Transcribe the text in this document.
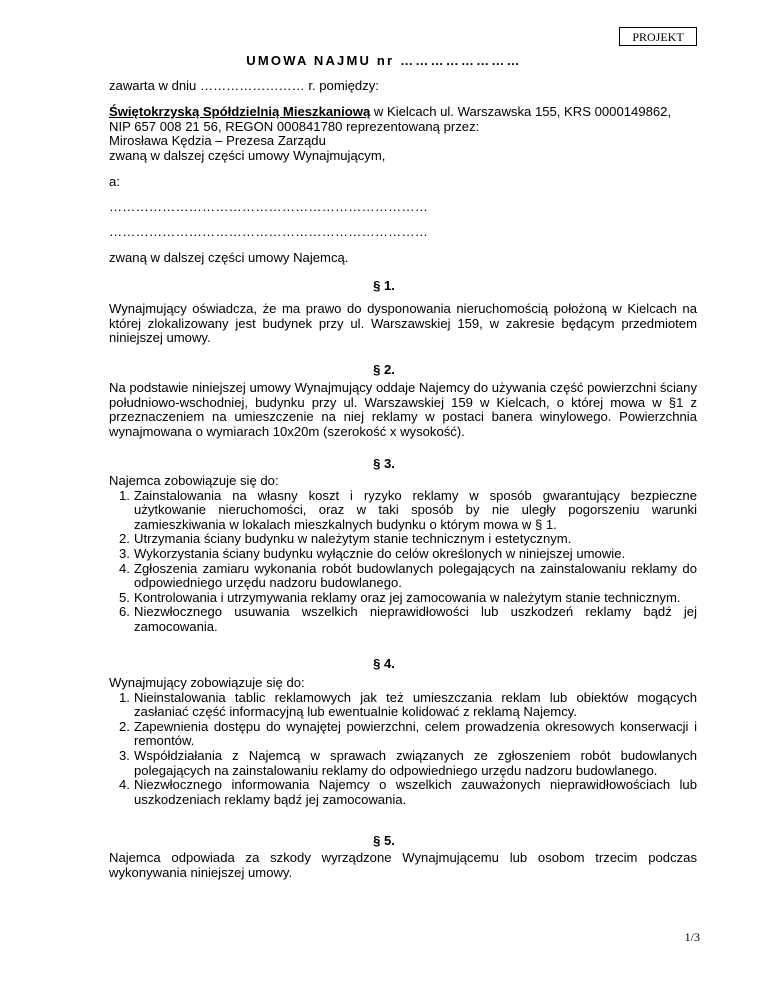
PROJEKT
UMOWA NAJMU nr ……………………
zawarta w dniu …………………… r. pomiędzy:
Świętokrzyską Spółdzielnią Mieszkaniową w Kielcach ul. Warszawska 155, KRS 0000149862,
NIP 657 008 21 56, REGON 000841780 reprezentowaną przez:
Mirosława Kędzia – Prezesa Zarządu
zwaną w dalszej części umowy Wynajmującym,
a:
………………………………………………………………
………………………………………………………………
zwaną w dalszej części umowy Najemcą.
§ 1.
Wynajmujący oświadcza, że ma prawo do dysponowania nieruchomością położoną w Kielcach na której zlokalizowany jest budynek przy ul. Warszawskiej 159, w zakresie będącym przedmiotem niniejszej umowy.
§ 2.
Na podstawie niniejszej umowy Wynajmujący oddaje Najemcy do używania część powierzchni ściany południowo-wschodniej, budynku przy ul. Warszawskiej 159 w Kielcach, o której mowa w §1 z przeznaczeniem na umieszczenie na niej reklamy w postaci banera winylowego. Powierzchnia wynajmowana o wymiarach 10x20m (szerokość x wysokość).
§ 3.
Najemca zobowiązuje się do:
1. Zainstalowania na własny koszt i ryzyko reklamy w sposób gwarantujący bezpieczne użytkowanie nieruchomości, oraz w taki sposób by nie uległy pogorszeniu warunki zamieszkiwania w lokalach mieszkalnych budynku o którym mowa w § 1.
2. Utrzymania ściany budynku w należytym stanie technicznym i estetycznym.
3. Wykorzystania ściany budynku wyłącznie do celów określonych w niniejszej umowie.
4. Zgłoszenia zamiaru wykonania robót budowlanych polegających na zainstalowaniu reklamy do odpowiedniego urzędu nadzoru budowlanego.
5. Kontrolowania i utrzymywania reklamy oraz jej zamocowania w należytym stanie technicznym.
6. Niezwłocznego usuwania wszelkich nieprawidłowości lub uszkodzeń reklamy bądź jej zamocowania.
§ 4.
Wynajmujący zobowiązuje się do:
1. Nieinstalowania tablic reklamowych jak też umieszczania reklam lub obiektów mogących zasłaniać część informacyjną lub ewentualnie kolidować z reklamą Najemcy.
2. Zapewnienia dostępu do wynajętej powierzchni, celem prowadzenia okresowych konserwacji i remontów.
3. Współdziałania z Najemcą w sprawach związanych ze zgłoszeniem robót budowlanych polegających na zainstalowaniu reklamy do odpowiedniego urzędu nadzoru budowlanego.
4. Niezwłocznego informowania Najemcy o wszelkich zauważonych nieprawidłowościach lub uszkodzeniach reklamy bądź jej zamocowania.
§ 5.
Najemca odpowiada za szkody wyrządzone Wynajmującemu lub osobom trzecim podczas wykonywania niniejszej umowy.
1/3
